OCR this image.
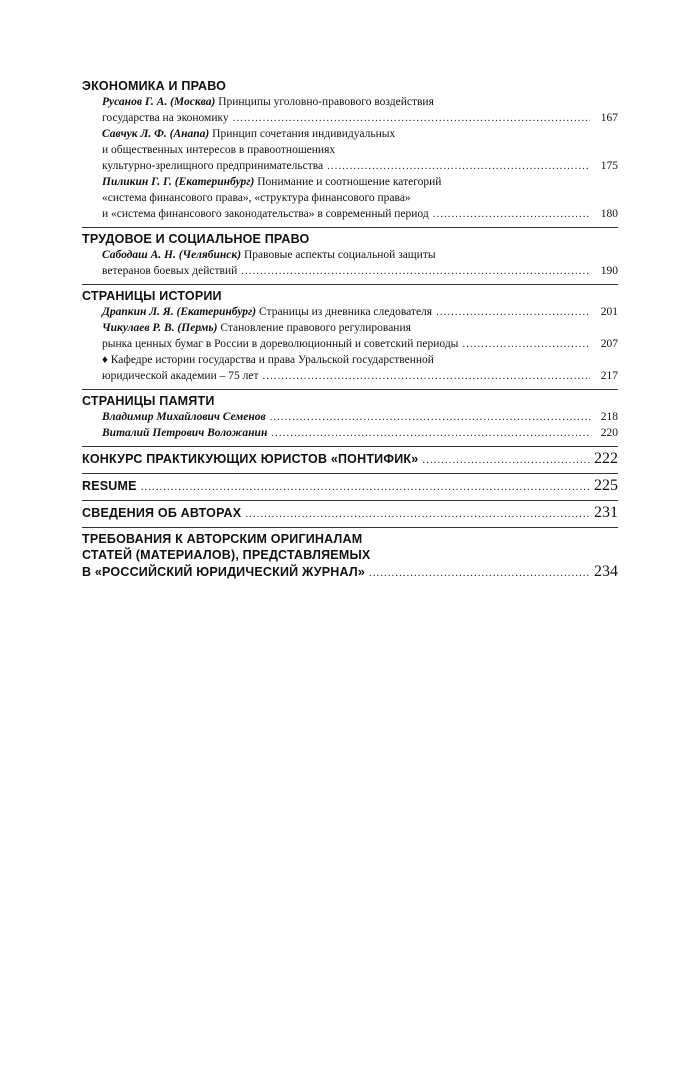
ЭКОНОМИКА И ПРАВО
Русанов Г. А. (Москва) Принципы уголовно-правового воздействия
государства на экономику .....	167
Савчук Л. Ф. (Анапа) Принцип сочетания индивидуальных
и общественных интересов в правоотношениях
культурно-зрелищного предпринимательства .....	175
Пиликин Г. Г. (Екатеринбург) Понимание и соотношение категорий
«система финансового права», «структура финансового права»
и «система финансового законодательства» в современный период .....	180
ТРУДОВОЕ И СОЦИАЛЬНОЕ ПРАВО
Сабодаш А. Н. (Челябинск) Правовые аспекты социальной защиты
ветеранов боевых действий .....	190
СТРАНИЦЫ ИСТОРИИ
Драпкин Л. Я. (Екатеринбург) Страницы из дневника следователя .....	201
Чикулаев Р. В. (Пермь) Становление правового регулирования
рынка ценных бумаг в России в дореволюционный и советский периоды .....	207
♦ Кафедре истории государства и права Уральской государственной
юридической академии – 75 лет .....	217
СТРАНИЦЫ ПАМЯТИ
Владимир Михайлович Семенов .....	218
Виталий Петрович Воложанин .....	220
КОНКУРС ПРАКТИКУЮЩИХ ЮРИСТОВ «ПОНТИФИК» .....	222
RESUME .....	225
СВЕДЕНИЯ ОБ АВТОРАХ .....	231
ТРЕБОВАНИЯ К АВТОРСКИМ ОРИГИНАЛАМ
СТАТЕЙ (МАТЕРИАЛОВ), ПРЕДСТАВЛЯЕМЫХ
В «РОССИЙСКИЙ ЮРИДИЧЕСКИЙ ЖУРНАЛ» .....	234
